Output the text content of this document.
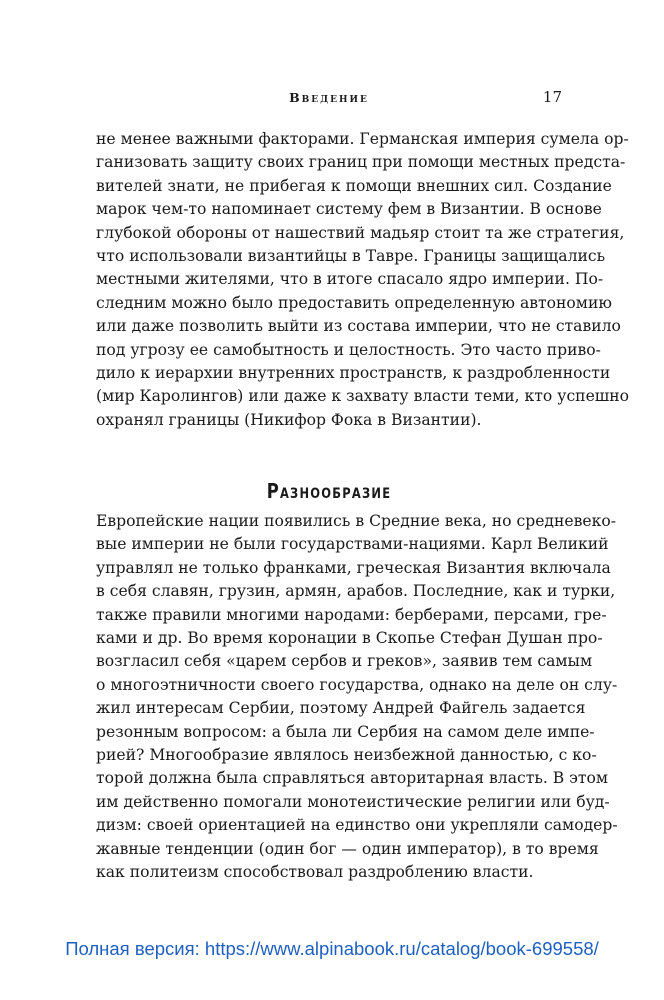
Введение	17

не менее важными факторами. Германская империя сумела ор-
ганизовать защиту своих границ при помощи местных предста-
вителей знати, не прибегая к помощи внешних сил. Создание
марок чем-то напоминает систему фем в Византии. В основе
глубокой обороны от нашествий мадьяр стоит та же стратегия,
что использовали византийцы в Тавре. Границы защищались
местными жителями, что в итоге спасало ядро империи. По-
следним можно было предоставить определенную автономию
или даже позволить выйти из состава империи, что не ставило
под угрозу ее самобытность и целостность. Это часто приво-
дило к иерархии внутренних пространств, к раздробленности
(мир Каролингов) или даже к захвату власти теми, кто успешно
охранял границы (Никифор Фока в Византии).

Разнообразие

Европейские нации появились в Средние века, но средневеко-
вые империи не были государствами-нациями. Карл Великий
управлял не только франками, греческая Византия включала
в себя славян, грузин, армян, арабов. Последние, как и турки,
также правили многими народами: берберами, персами, гре-
ками и др. Во время коронации в Скопье Стефан Душан про-
возгласил себя «царем сербов и греков», заявив тем самым
о многоэтничности своего государства, однако на деле он слу-
жил интересам Сербии, поэтому Андрей Файгель задается
резонным вопросом: а была ли Сербия на самом деле импе-
рией? Многообразие являлось неизбежной данностью, с ко-
торой должна была справляться авторитарная власть. В этом
им действенно помогали монотеистические религии или буд-
дизм: своей ориентацией на единство они укрепляли самодер-
жавные тенденции (один бог — один император), в то время
как политеизм способствовал раздроблению власти.

Полная версия: https://www.alpinabook.ru/catalog/book-699558/
